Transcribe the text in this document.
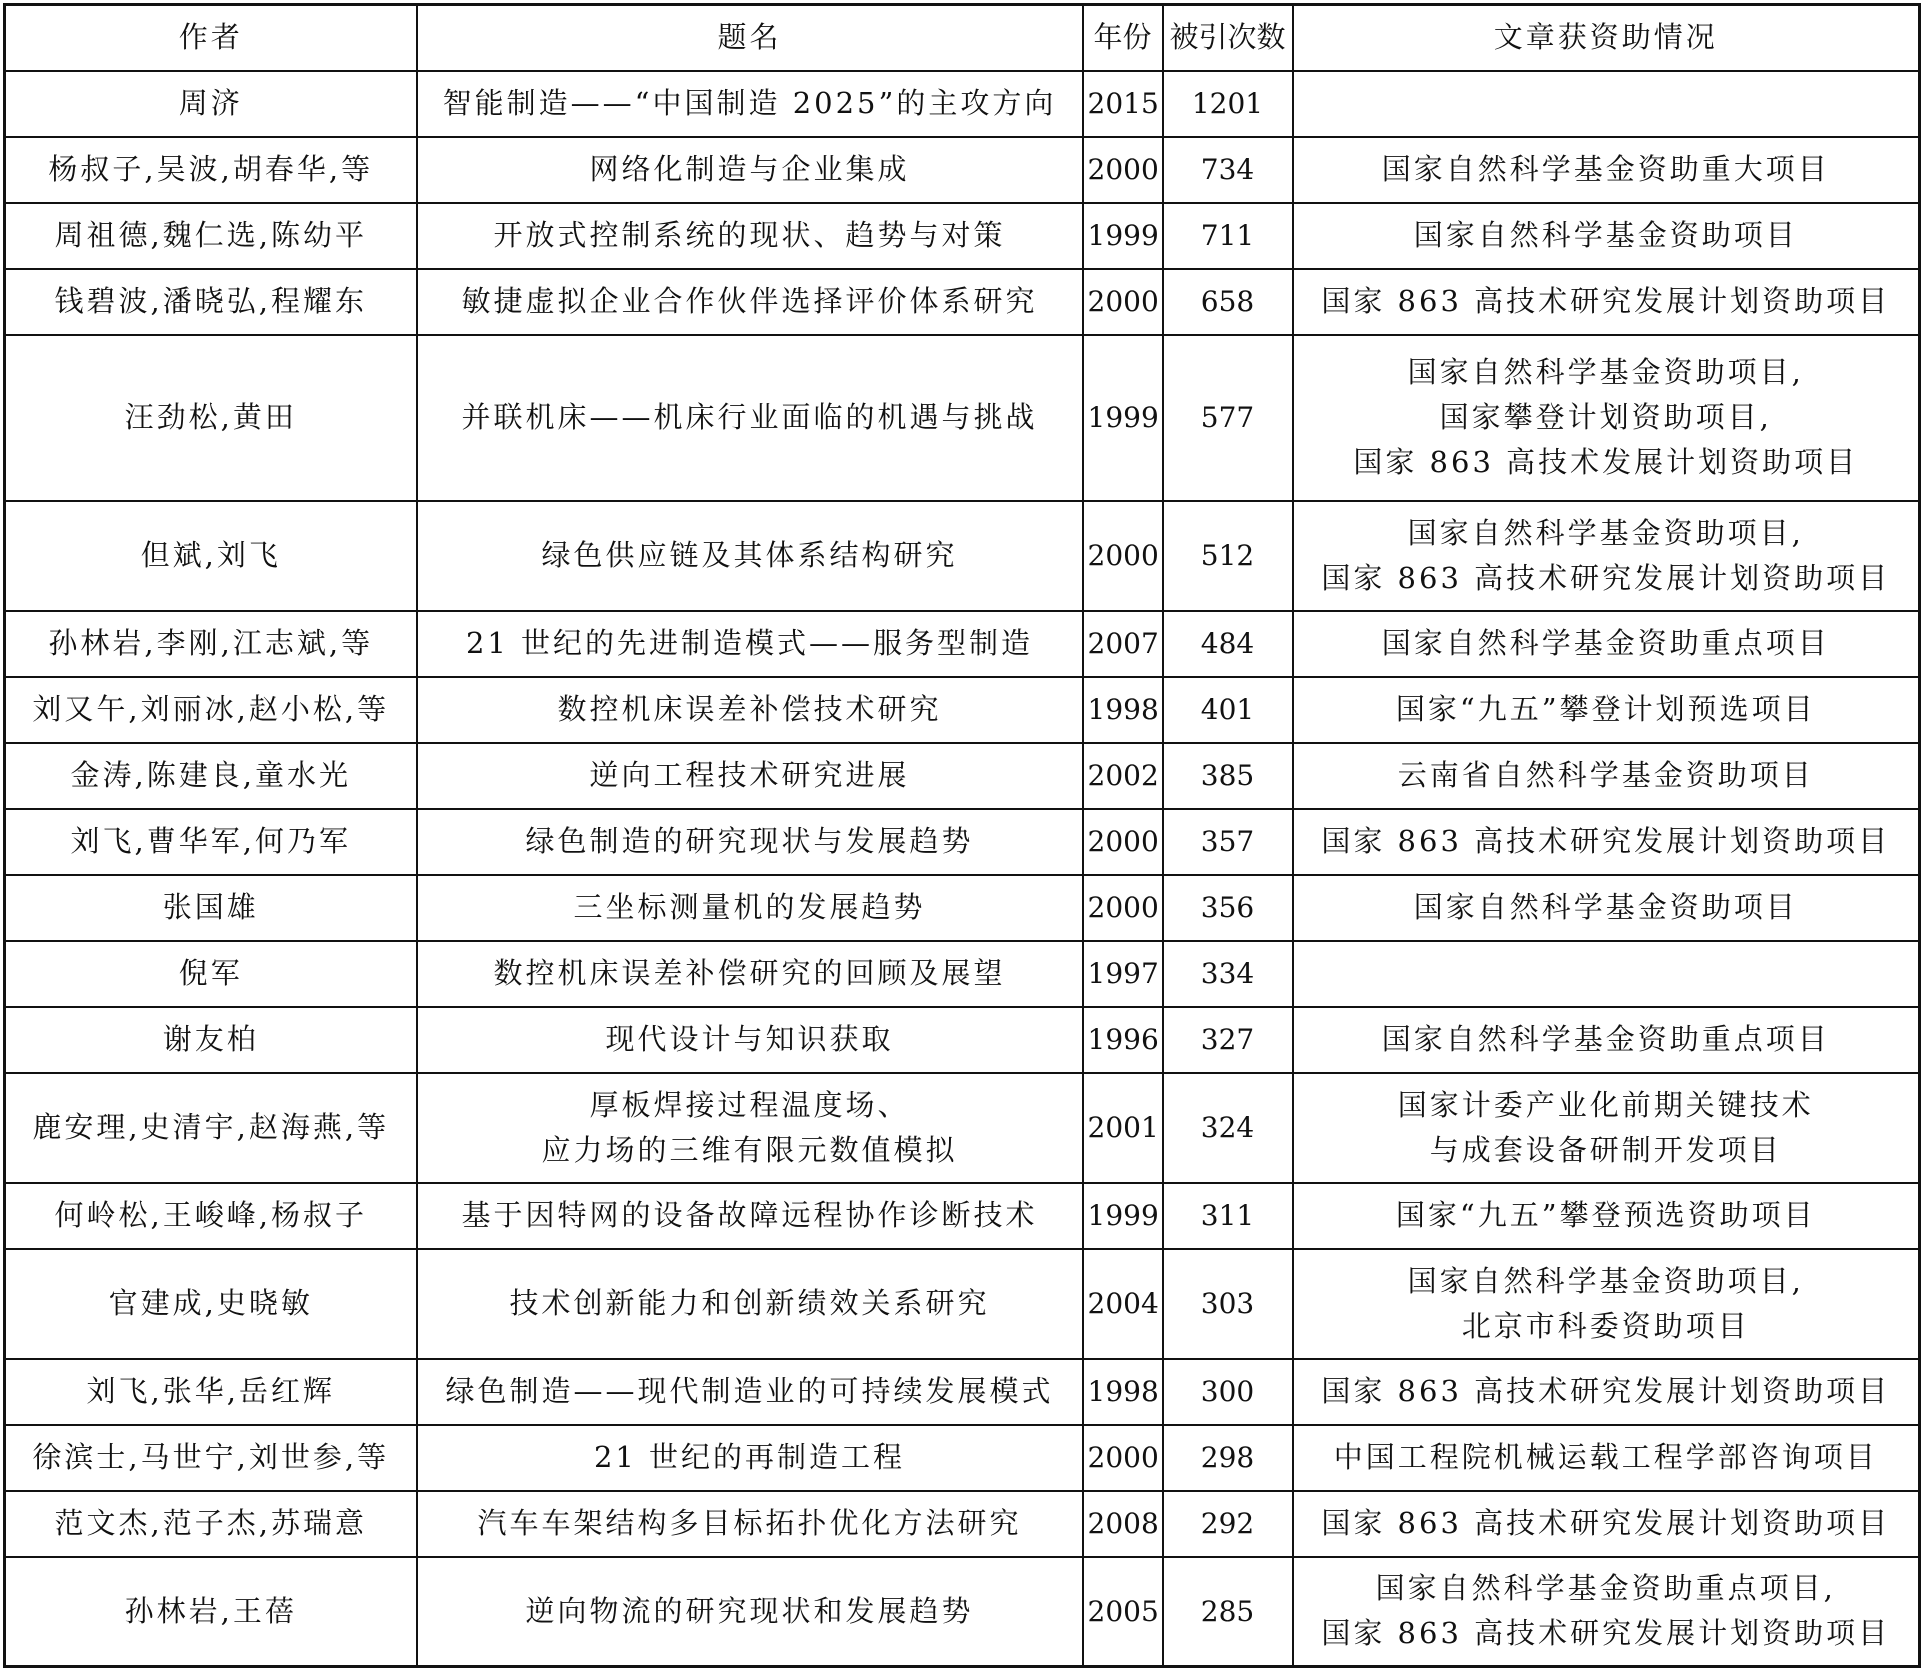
作者	题名	年份	被引次数	文章获资助情况
周济	智能制造——“中国制造 2025”的主攻方向	2015	1201	
杨叔子,吴波,胡春华,等	网络化制造与企业集成	2000	734	国家自然科学基金资助重大项目

周祖德,魏仁选,陈幼平	开放式控制系统的现状、趋势与对策	1999	711	国家自然科学基金资助项目

钱碧波,潘晓弘,程耀东	敏捷虚拟企业合作伙伴选择评价体系研究	2000	658	国家 863 高技术研究发展计划资助项目

汪劲松,黄田	并联机床——机床行业面临的机遇与挑战	1999	577	国家自然科学基金资助项目,
国家攀登计划资助项目,
国家 863 高技术发展计划资助项目

但斌,刘飞	绿色供应链及其体系结构研究	2000	512	国家自然科学基金资助项目,
国家 863 高技术研究发展计划资助项目

孙林岩,李刚,江志斌,等	21 世纪的先进制造模式——服务型制造	2007	484	国家自然科学基金资助重点项目

刘又午,刘丽冰,赵小松,等	数控机床误差补偿技术研究	1998	401	国家“九五”攀登计划预选项目

金涛,陈建良,童水光	逆向工程技术研究进展	2002	385	云南省自然科学基金资助项目

刘飞,曹华军,何乃军	绿色制造的研究现状与发展趋势	2000	357	国家 863 高技术研究发展计划资助项目

张国雄	三坐标测量机的发展趋势	2000	356	国家自然科学基金资助项目

倪军	数控机床误差补偿研究的回顾及展望	1997	334	
谢友柏	现代设计与知识获取	1996	327	国家自然科学基金资助重点项目

鹿安理,史清宇,赵海燕,等	厚板焊接过程温度场、
应力场的三维有限元数值模拟	2001	324	国家计委产业化前期关键技术
与成套设备研制开发项目

何岭松,王峻峰,杨叔子	基于因特网的设备故障远程协作诊断技术	1999	311	国家“九五”攀登预选资助项目

官建成,史晓敏	技术创新能力和创新绩效关系研究	2004	303	国家自然科学基金资助项目,
北京市科委资助项目

刘飞,张华,岳红辉	绿色制造——现代制造业的可持续发展模式	1998	300	国家 863 高技术研究发展计划资助项目

徐滨士,马世宁,刘世参,等	21 世纪的再制造工程	2000	298	中国工程院机械运载工程学部咨询项目

范文杰,范子杰,苏瑞意	汽车车架结构多目标拓扑优化方法研究	2008	292	国家 863 高技术研究发展计划资助项目

孙林岩,王蓓	逆向物流的研究现状和发展趋势	2005	285	国家自然科学基金资助重点项目,
国家 863 高技术研究发展计划资助项目
